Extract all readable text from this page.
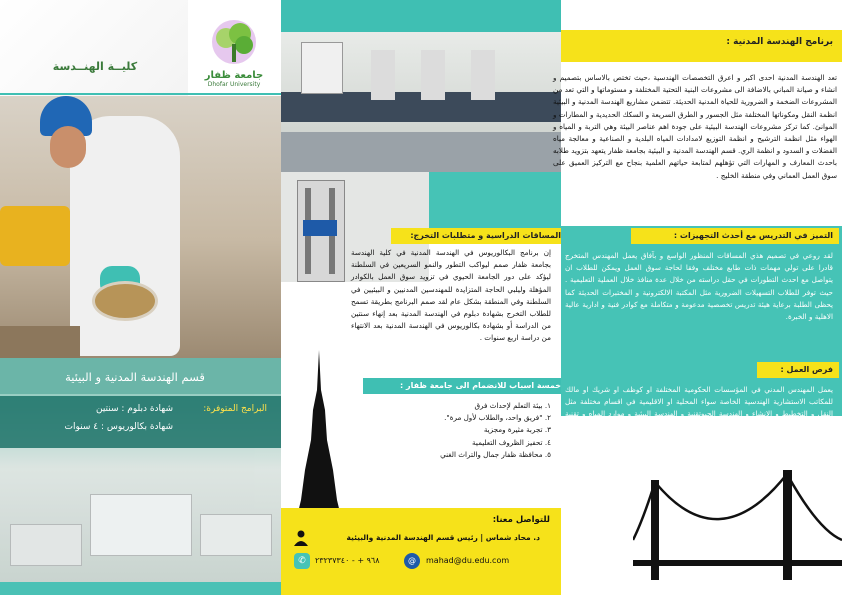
كليــة الهنــدسة
جامعة ظفار
Dhofar University
قسم الهندسة المدنية و البيئية
البرامج المتوفرة:
شهادة دبلوم : سنتين
شهادة بكالوريوس : ٤ سنوات
المساقات الدراسية و متطلبات التخرج:
إن برنامج البكالوريوس في الهندسة المدنية في كلية الهندسة بجامعة ظفار صمم ليواكب التطور والنمو السريعين في السلطنة ليؤكد على دور الجامعة الحيوي في تزويد سوق العمل بالكوادر المؤهلة وليلبي الحاجة المتزايدة للمهندسين المدنيين و البيئيين في السلطنة وفي المنطقة بشكل عام لقد صمم البرنامج بطريقة تسمح للطلاب التخرج بشهادة دبلوم في الهندسة المدنية بعد إنهاء سنتين من الدراسة أو بشهادة بكالوريوس في الهندسة المدنية بعد الانتهاء من دراسة اربع سنوات .
خمسة اسباب للانضمام الى جامعة ظفار :
١. بيئة التعلم لإحداث فرق
٢. "فريق واحد، والطلاب لأول مرة".
٣. تجربة مثيرة ومجزية
٤. تحفيز الظروف التعليمية
٥. محافظة ظفار جمال والتراث الغني
برنامج الهندسة المدنية :
تعد الهندسة المدنية احدى اكبر و اعرق التخصصات الهندسية ،حيث تختص بالاساس بتصميم و انشاء و صيانة المباني بالاضافة الى مشروعات البنية التحتية المختلفة و مستوماتها و التي تعد من المشروعات الضخمة و الضرورية للحياة المدنية الحديثة. تتضمن مشاريع الهندسة المدنية و البيئية انظمة النقل ومكوناتها المختلفة مثل الجسور و الطرق السريعة و السكك الحديدية و المطارات و الموانئ. كما تركز مشروعات الهندسة البيئية على جودة اهم عناصر البيئة وهي التربة و المياه و الهواء مثل انظمة الترشيح و انظمة التوزيع لامدادات المياه البلدية و الصناعية و معالجة مياه الفضلات و السدود و انظمة الري. قسم الهندسة المدنية و البيئية بجامعة ظفار يتعهد بتزويد طلابه باحدث المعارف و المهارات التي تؤهلهم لمتابعة حياتهم العلمية بنجاح مع التركيز العميق على سوق العمل العماني وفي منطقة الخليج .
التميز في التدريس مع أحدث التجهيزات :
لقد روعي في تصميم هذي المساقات المنظور الواسع و بآفاق يعمل المهندس المتخرج قادرا على تولي مهمات ذات طابع مختلف وفقا لحاجة سوق العمل ويمكن للطلاب ان يتواصل مع احدث التطورات في حقل دراسته من خلال عدة منافذ خلال العملية التعليمية . حيث توفر للطلاب التسهيلات الضرورية مثل المكتبة الالكترونية و المختبرات الحديثة كما يحظى الطلبة برعاية هيئة تدريس تخصصية مدعومة و متكاملة مع كوادر فنية و ادارية عالية الاهلية و الخبرة.
فرص العمل :
يعمل المهندس المدني في المؤسسات الحكومية المختلفة او كوظف او شريك او مالك للمكاتب الاستشارية الهندسية الخاصة سواء المحلية او الاقليمية في اقسام مختلفة مثل النقل و التخطيط و الانشاء و الهندسة الجيوتقنية و الهندسة البيئية و موارد المياه و تقنية المعلومات .
للتواصل معنا:
د. محاد شماس | رئيس قسم الهندسة المدنية والبيئية
✆	٩٦٨ + - ٢٣٢٣٧٣٤٠	@	mahad@du.edu.com
